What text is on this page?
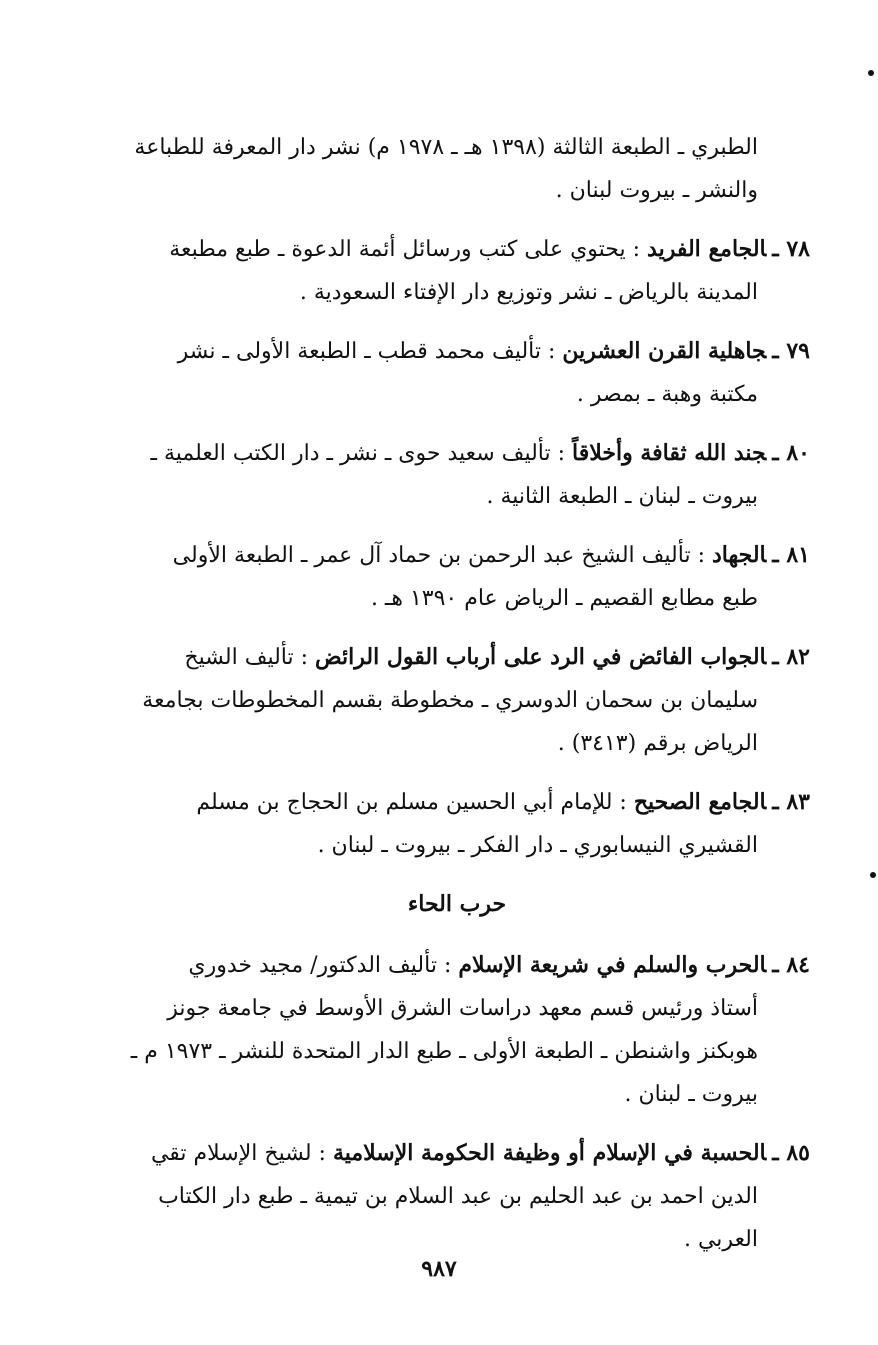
الطبري ـ الطبعة الثالثة (١٣٩٨ هـ ـ ١٩٧٨ م) نشر دار المعرفة للطباعة
والنشر ـ بيروت لبنان .
٧٨ ـالجامع الفريد : يحتوي على كتب ورسائل أئمة الدعوة ـ طبع مطبعة
المدينة بالرياض ـ نشر وتوزيع دار الإفتاء السعودية .
٧٩ ـجاهلية القرن العشرين : تأليف محمد قطب ـ الطبعة الأولى ـ نشر
مكتبة وهبة ـ بمصر .
٨٠ ـجند الله ثقافة وأخلاقاً : تأليف سعيد حوى ـ نشر ـ دار الكتب العلمية ـ
بيروت ـ لبنان ـ الطبعة الثانية .
٨١ ـالجهاد : تأليف الشيخ عبد الرحمن بن حماد آل عمر ـ الطبعة الأولى
طبع مطابع القصيم ـ الرياض عام ١٣٩٠ هـ .
٨٢ ـالجواب الفائض في الرد على أرباب القول الرائض : تأليف الشيخ
سليمان بن سحمان الدوسري ـ مخطوطة بقسم المخطوطات بجامعة
الرياض برقم (٣٤١٣) .
٨٣ ـالجامع الصحيح : للإمام أبي الحسين مسلم بن الحجاج بن مسلم
القشيري النيسابوري ـ دار الفكر ـ بيروت ـ لبنان .
حرب الحاء
٨٤ ـالحرب والسلم في شريعة الإسلام : تأليف الدكتور/ مجيد خدوري
أستاذ ورئيس قسم معهد دراسات الشرق الأوسط في جامعة جونز
هوبكنز واشنطن ـ الطبعة الأولى ـ طبع الدار المتحدة للنشر ـ ١٩٧٣ م ـ
بيروت ـ لبنان .
٨٥ ـالحسبة في الإسلام أو وظيفة الحكومة الإسلامية : لشيخ الإسلام تقي
الدين احمد بن عبد الحليم بن عبد السلام بن تيمية ـ طبع دار الكتاب
العربي .
٩٨٧
